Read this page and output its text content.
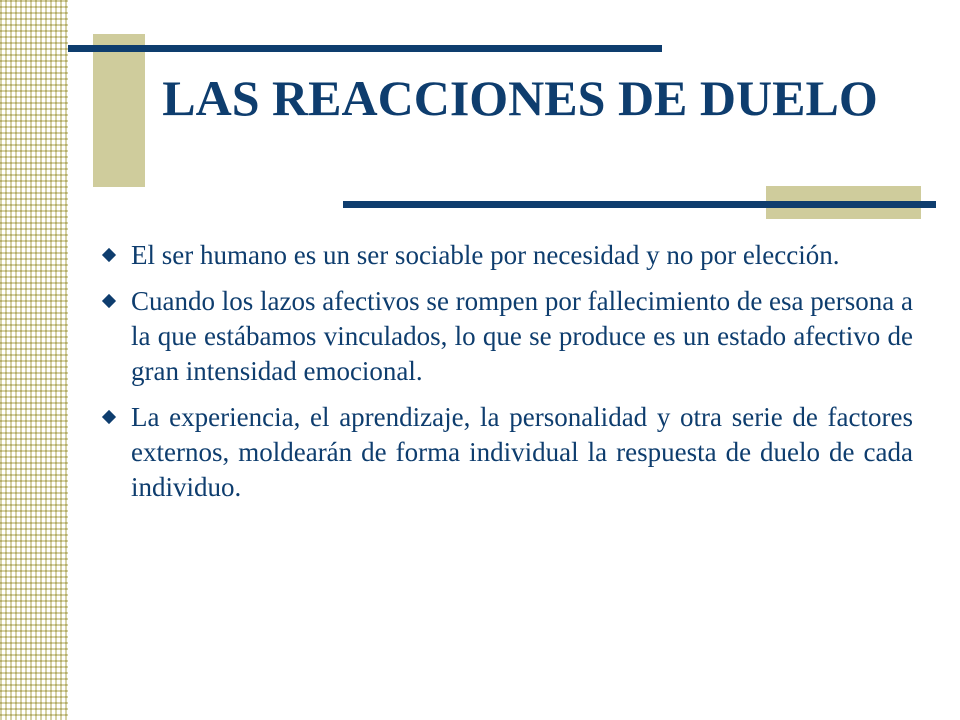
LAS REACCIONES DE DUELO
El ser humano es un ser sociable por necesidad y no por elección.
Cuando los lazos afectivos se rompen por fallecimiento de esa persona a la que estábamos vinculados, lo que se produce es un estado afectivo de gran intensidad emocional.
La experiencia, el aprendizaje, la personalidad y otra serie de factores externos, moldearán de forma individual la respuesta de duelo de cada individuo.
